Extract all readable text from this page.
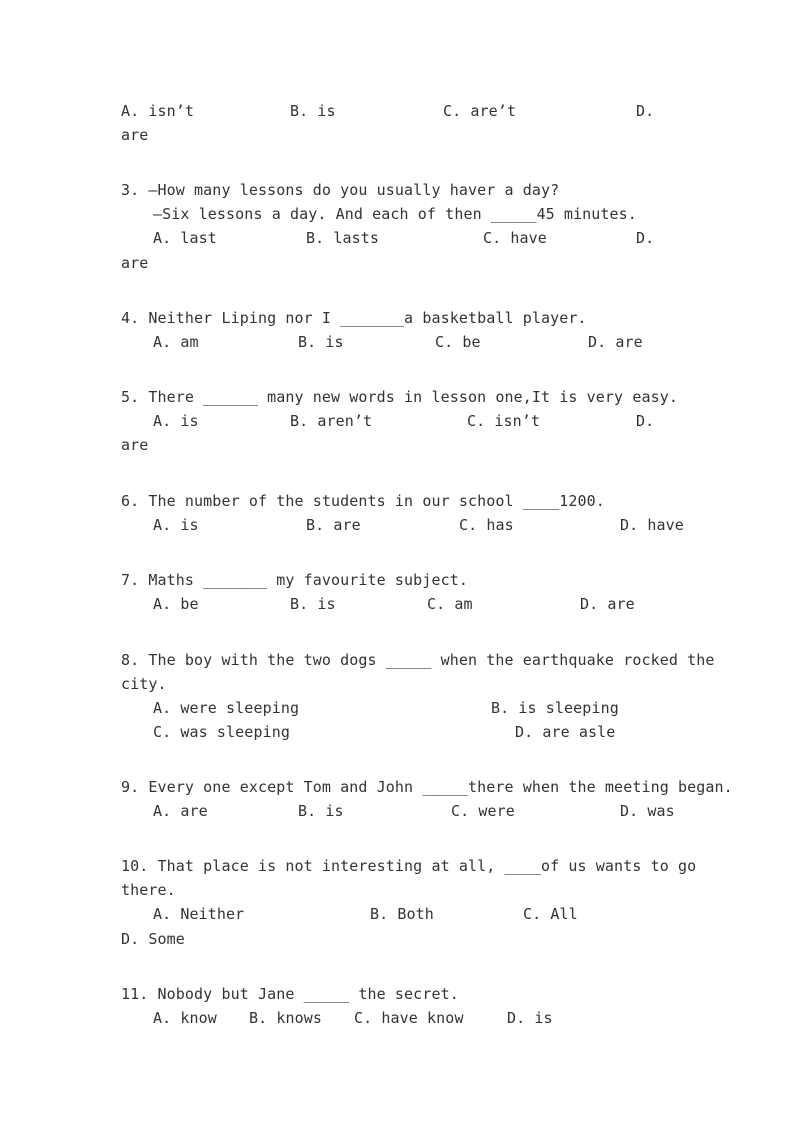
A. isn’t	B. is	C. are’t	D.
are
3. —How many lessons do you usually haver a day?
—Six lessons a day. And each of then _____45 minutes.
A. last	B. lasts	C. have	D.
are
4. Neither Liping nor I _______a basketball player.
A. am	B. is	C. be	D. are
5. There ______ many new words in lesson one,It is very easy.
A. is	B. aren’t	C. isn’t	D.
are
6. The number of the students in our school ____1200.
A. is	B. are	C. has	D. have
7. Maths _______ my favourite subject.
A. be	B. is	C. am	D. are
8. The boy with the two dogs _____ when the earthquake rocked the
city.
A. were sleeping	B. is sleeping
C. was sleeping	D. are asle
9. Every one except Tom and John _____there when the meeting began.
A. are	B. is	C. were	D. was
10. That place is not interesting at all, ____of us wants to go
there.
A. Neither	B. Both	C. All
D. Some
11. Nobody but Jane _____ the secret.
A. know B. knows C. have know	D. is
